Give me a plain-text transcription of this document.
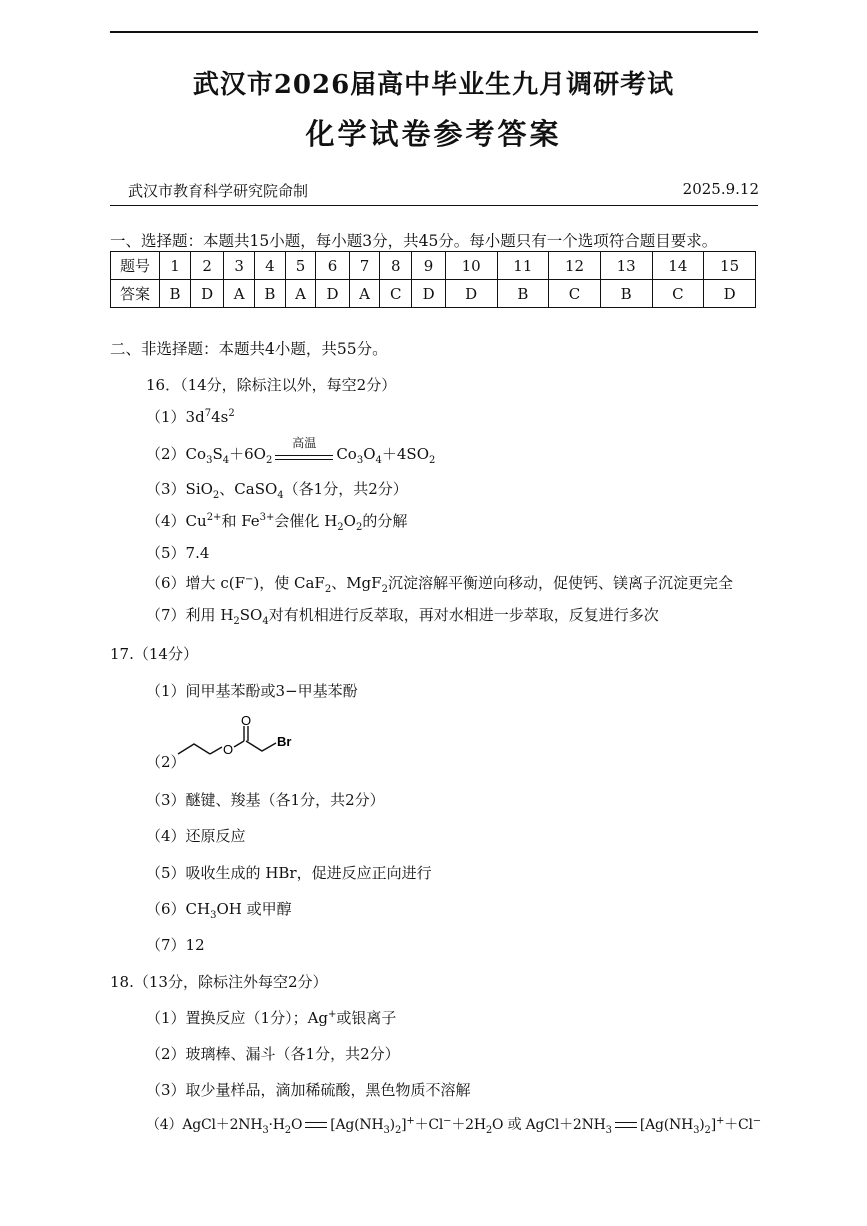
武汉市2026届高中毕业生九月调研考试
化学试卷参考答案
武汉市教育科学研究院命制	2025.9.12
一、选择题：本题共15小题，每小题3分，共45分。每小题只有一个选项符合题目要求。
题号	1	2	3	4	5	6	7	8	9	10	11	12	13	14	15
答案	B	D	A	B	A	D	A	C	D	D	B	C	B	C	D
二、非选择题：本题共4小题，共55分。
16．（14分，除标注以外，每空2分）
$(1)3d^74s^2$
$(2)Co_3S_4+6O_2$
高温
$Co_3O_4+4SO_2$
（3）SiO$_2$、CaSO$_4$（各1分，共2分）
$(4)Cu^{2+}$和 $Fe^{3+}$会催化 $H_2O_2$的分解
（5）7.4
（6）增大 c(F−)，使 CaF$_2$、MgF$_2$沉淀溶解平衡逆向移动，促使钙、镁离子沉淀更完全
（7）利用 $H_2SO_4$对有机相进行反萃取，再对水相进一步萃取，反复进行多次
17.（14分）
（1）间甲基苯酚或3−甲基苯酚
（2）
O
O
Br
（3）醚键、羧基（各1分，共2分）
（4）还原反应
（5）吸收生成的 HBr，促进反应正向进行
$(6)CH_3OH$ 或甲醇
（7）12
18.（13分，除标注外每空2分）
（1）置换反应（1分）；Ag+或银离子
（2）玻璃棒、漏斗（各1分，共2分）
（3）取少量样品，滴加稀硫酸，黑色物质不溶解
$(4)AgCl+2NH_3\cdot H_2O$ $[Ag(NH_3)_2]^++Cl^-+2H_2O$ 或 $AgCl+2NH_3$ $[Ag(NH_3)_2]^++Cl^-$
